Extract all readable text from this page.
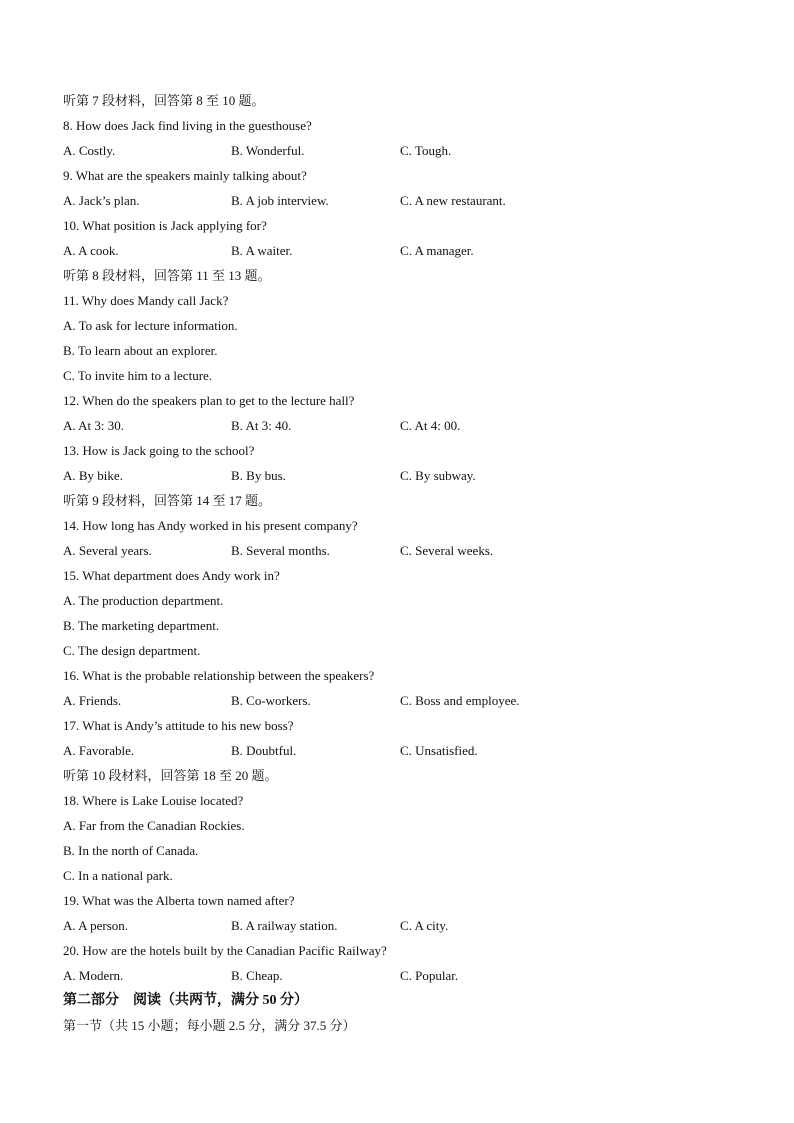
听第 7 段材料，回答第 8 至 10 题。
8. How does Jack find living in the guesthouse?
A. Costly.	B. Wonderful.	C. Tough.
9. What are the speakers mainly talking about?
A. Jack’s plan.	B. A job interview.	C. A new restaurant.
10. What position is Jack applying for?
A. A cook.	B. A waiter.	C. A manager.
听第 8 段材料，回答第 11 至 13 题。
11. Why does Mandy call Jack?
A. To ask for lecture information.
B. To learn about an explorer.
C. To invite him to a lecture.
12. When do the speakers plan to get to the lecture hall?
A. At 3: 30.	B. At 3: 40.	C. At 4: 00.
13. How is Jack going to the school?
A. By bike.	B. By bus.	C. By subway.
听第 9 段材料，回答第 14 至 17 题。
14. How long has Andy worked in his present company?
A. Several years.	B. Several months.	C. Several weeks.
15. What department does Andy work in?
A. The production department.
B. The marketing department.
C. The design department.
16. What is the probable relationship between the speakers?
A. Friends.	B. Co-workers.	C. Boss and employee.
17. What is Andy’s attitude to his new boss?
A. Favorable.	B. Doubtful.	C. Unsatisfied.
听第 10 段材料，回答第 18 至 20 题。
18. Where is Lake Louise located?
A. Far from the Canadian Rockies.
B. In the north of Canada.
C. In a national park.
19. What was the Alberta town named after?
A. A person.	B. A railway station.	C. A city.
20. How are the hotels built by the Canadian Pacific Railway?
A. Modern.	B. Cheap.	C. Popular.
第二部分 阅读（共两节，满分 50 分）
第一节（共 15 小题；每小题 2.5 分，满分 37.5 分）
